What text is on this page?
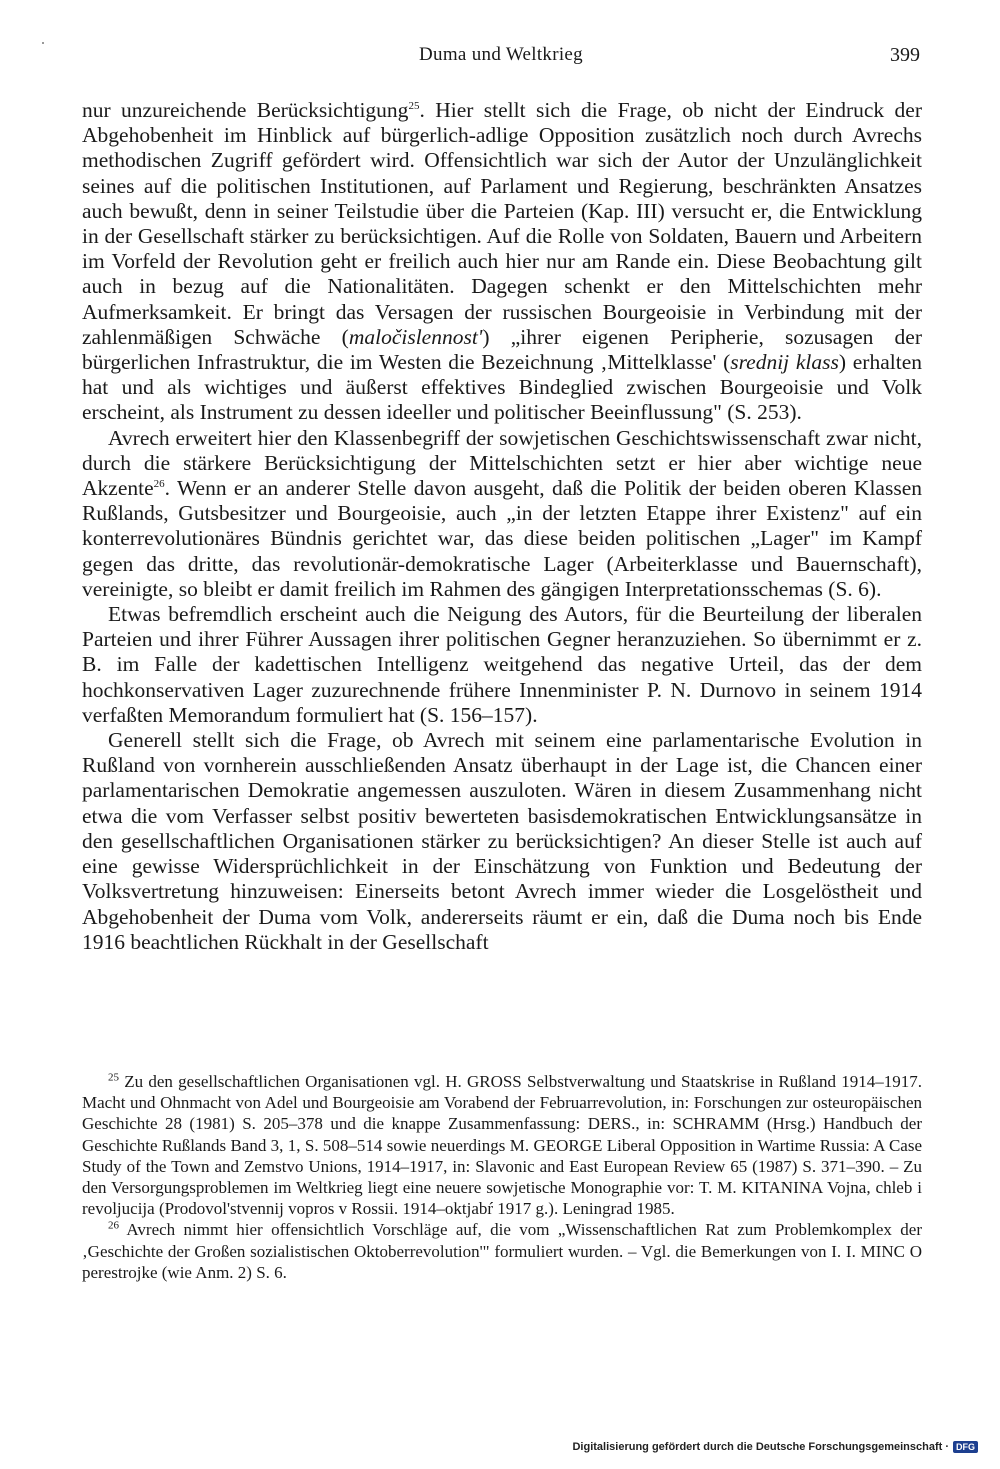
Duma und Weltkrieg	399

nur unzureichende Berücksichtigung$^{25}$. Hier stellt sich die Frage, ob nicht der Eindruck der Abgehobenheit im Hinblick auf bürgerlich-adlige Opposition zusätzlich noch durch Avrechs methodischen Zugriff gefördert wird. Offensichtlich war sich der Autor der Unzulänglichkeit seines auf die politischen Institutionen, auf Parlament und Regierung, beschränkten Ansatzes auch bewußt, denn in seiner Teilstudie über die Parteien (Kap. III) versucht er, die Entwicklung in der Gesellschaft stärker zu berücksichtigen. Auf die Rolle von Soldaten, Bauern und Arbeitern im Vorfeld der Revolution geht er freilich auch hier nur am Rande ein. Diese Beobachtung gilt auch in bezug auf die Nationalitäten. Dagegen schenkt er den Mittelschichten mehr Aufmerksamkeit. Er bringt das Versagen der russischen Bourgeoisie in Verbindung mit der zahlenmäßigen Schwäche (maločislennost') „ihrer eigenen Peripherie, sozusagen der bürgerlichen Infrastruktur, die im Westen die Bezeichnung ‚Mittelklasse' (srednij klass) erhalten hat und als wichtiges und äußerst effektives Bindeglied zwischen Bourgeoisie und Volk erscheint, als Instrument zu dessen ideeller und politischer Beeinflussung" (S. 253).

Avrech erweitert hier den Klassenbegriff der sowjetischen Geschichtswissenschaft zwar nicht, durch die stärkere Berücksichtigung der Mittelschichten setzt er hier aber wichtige neue Akzente$^{26}$. Wenn er an anderer Stelle davon ausgeht, daß die Politik der beiden oberen Klassen Rußlands, Gutsbesitzer und Bourgeoisie, auch „in der letzten Etappe ihrer Existenz" auf ein konterrevolutionäres Bündnis gerichtet war, das diese beiden politischen „Lager" im Kampf gegen das dritte, das revolutionär-demokratische Lager (Arbeiterklasse und Bauernschaft), vereinigte, so bleibt er damit freilich im Rahmen des gängigen Interpretationsschemas (S. 6).

Etwas befremdlich erscheint auch die Neigung des Autors, für die Beurteilung der liberalen Parteien und ihrer Führer Aussagen ihrer politischen Gegner heranzuziehen. So übernimmt er z. B. im Falle der kadettischen Intelligenz weitgehend das negative Urteil, das der dem hochkonservativen Lager zuzurechnende frühere Innenminister P. N. Durnovo in seinem 1914 verfaßten Memorandum formuliert hat (S. 156–157).

Generell stellt sich die Frage, ob Avrech mit seinem eine parlamentarische Evolution in Rußland von vornherein ausschließenden Ansatz überhaupt in der Lage ist, die Chancen einer parlamentarischen Demokratie angemessen auszuloten. Wären in diesem Zusammenhang nicht etwa die vom Verfasser selbst positiv bewerteten basisdemokratischen Entwicklungsansätze in den gesellschaftlichen Organisationen stärker zu berücksichtigen? An dieser Stelle ist auch auf eine gewisse Widersprüchlichkeit in der Einschätzung von Funktion und Bedeutung der Volksvertretung hinzuweisen: Einerseits betont Avrech immer wieder die Losgelöstheit und Abgehobenheit der Duma vom Volk, andererseits räumt er ein, daß die Duma noch bis Ende 1916 beachtlichen Rückhalt in der Gesellschaft

$^{25}$ Zu den gesellschaftlichen Organisationen vgl. H. GROSS Selbstverwaltung und Staatskrise in Rußland 1914–1917. Macht und Ohnmacht von Adel und Bourgeoisie am Vorabend der Februarrevolution, in: Forschungen zur osteuropäischen Geschichte 28 (1981) S. 205–378 und die knappe Zusammenfassung: DERS., in: SCHRAMM (Hrsg.) Handbuch der Geschichte Rußlands Band 3, 1, S. 508–514 sowie neuerdings M. GEORGE Liberal Opposition in Wartime Russia: A Case Study of the Town and Zemstvo Unions, 1914–1917, in: Slavonic and East European Review 65 (1987) S. 371–390. – Zu den Versorgungsproblemen im Weltkrieg liegt eine neuere sowjetische Monographie vor: T. M. KITANINA Vojna, chleb i revoljucija (Prodovol'stvennij vopros v Rossii. 1914–oktjabŕ 1917 g.). Leningrad 1985.

$^{26}$ Avrech nimmt hier offensichtlich Vorschläge auf, die vom „Wissenschaftlichen Rat zum Problemkomplex der ‚Geschichte der Großen sozialistischen Oktoberrevolution'" formuliert wurden. – Vgl. die Bemerkungen von I. I. MINC O perestrojke (wie Anm. 2) S. 6.

Digitalisierung gefördert durch die Deutsche Forschungsgemeinschaft · DFG
